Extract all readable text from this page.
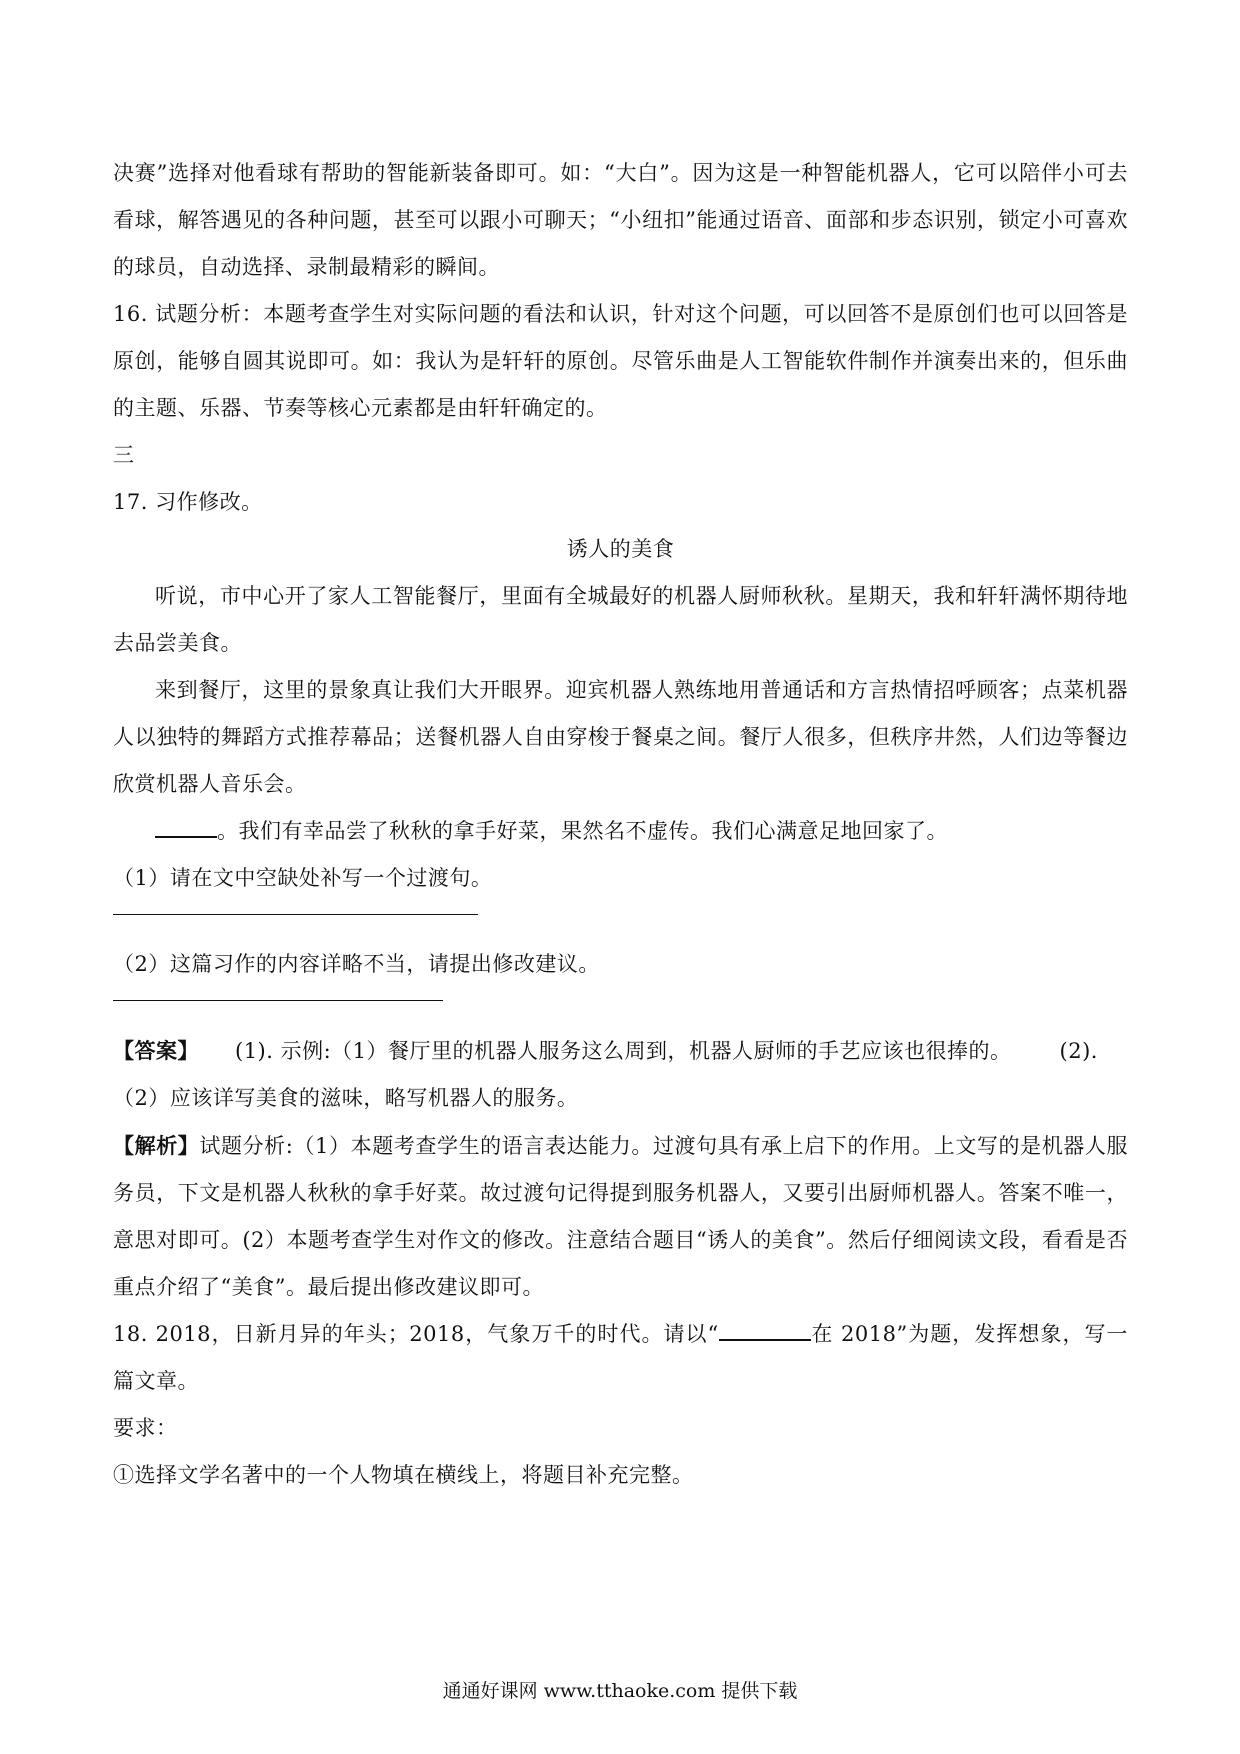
决赛”选择对他看球有帮助的智能新装备即可。如：“大白”。因为这是一种智能机器人，它可以陪伴小可去看球，解答遇见的各种问题，甚至可以跟小可聊天；“小纽扣”能通过语音、面部和步态识别，锁定小可喜欢的球员，自动选择、录制最精彩的瞬间。

16. 试题分析：本题考查学生对实际问题的看法和认识，针对这个问题，可以回答不是原创们也可以回答是原创，能够自圆其说即可。如：我认为是轩轩的原创。尽管乐曲是人工智能软件制作并演奏出来的，但乐曲的主题、乐器、节奏等核心元素都是由轩轩确定的。

三

17. 习作修改。

诱人的美食

听说，市中心开了家人工智能餐厅，里面有全城最好的机器人厨师秋秋。星期天，我和轩轩满怀期待地去品尝美食。

来到餐厅，这里的景象真让我们大开眼界。迎宾机器人熟练地用普通话和方言热情招呼顾客；点菜机器人以独特的舞蹈方式推荐幕品；送餐机器人自由穿梭于餐桌之间。餐厅人很多，但秩序井然，人们边等餐边欣赏机器人音乐会。

。我们有幸品尝了秋秋的拿手好菜，果然名不虚传。我们心满意足地回家了。

（1）请在文中空缺处补写一个过渡句。

（2）这篇习作的内容详略不当，请提出修改建议。

【答案】 (1). 示例:（1）餐厅里的机器人服务这么周到，机器人厨师的手艺应该也很捧的。 (2).
（2）应该详写美食的滋味，略写机器人的服务。

【解析】试题分析:（1）本题考查学生的语言表达能力。过渡句具有承上启下的作用。上文写的是机器人服务员，下文是机器人秋秋的拿手好菜。故过渡句记得提到服务机器人，又要引出厨师机器人。答案不唯一，意思对即可。(2）本题考查学生对作文的修改。注意结合题目“诱人的美食”。然后仔细阅读文段，看看是否重点介绍了“美食”。最后提出修改建议即可。

18. 2018，日新月异的年头；2018，气象万千的时代。请以“	在 2018”为题，发挥想象，写一篇文章。

要求：

①选择文学名著中的一个人物填在横线上，将题目补充完整。

通通好课网 www.tthaoke.com 提供下载
